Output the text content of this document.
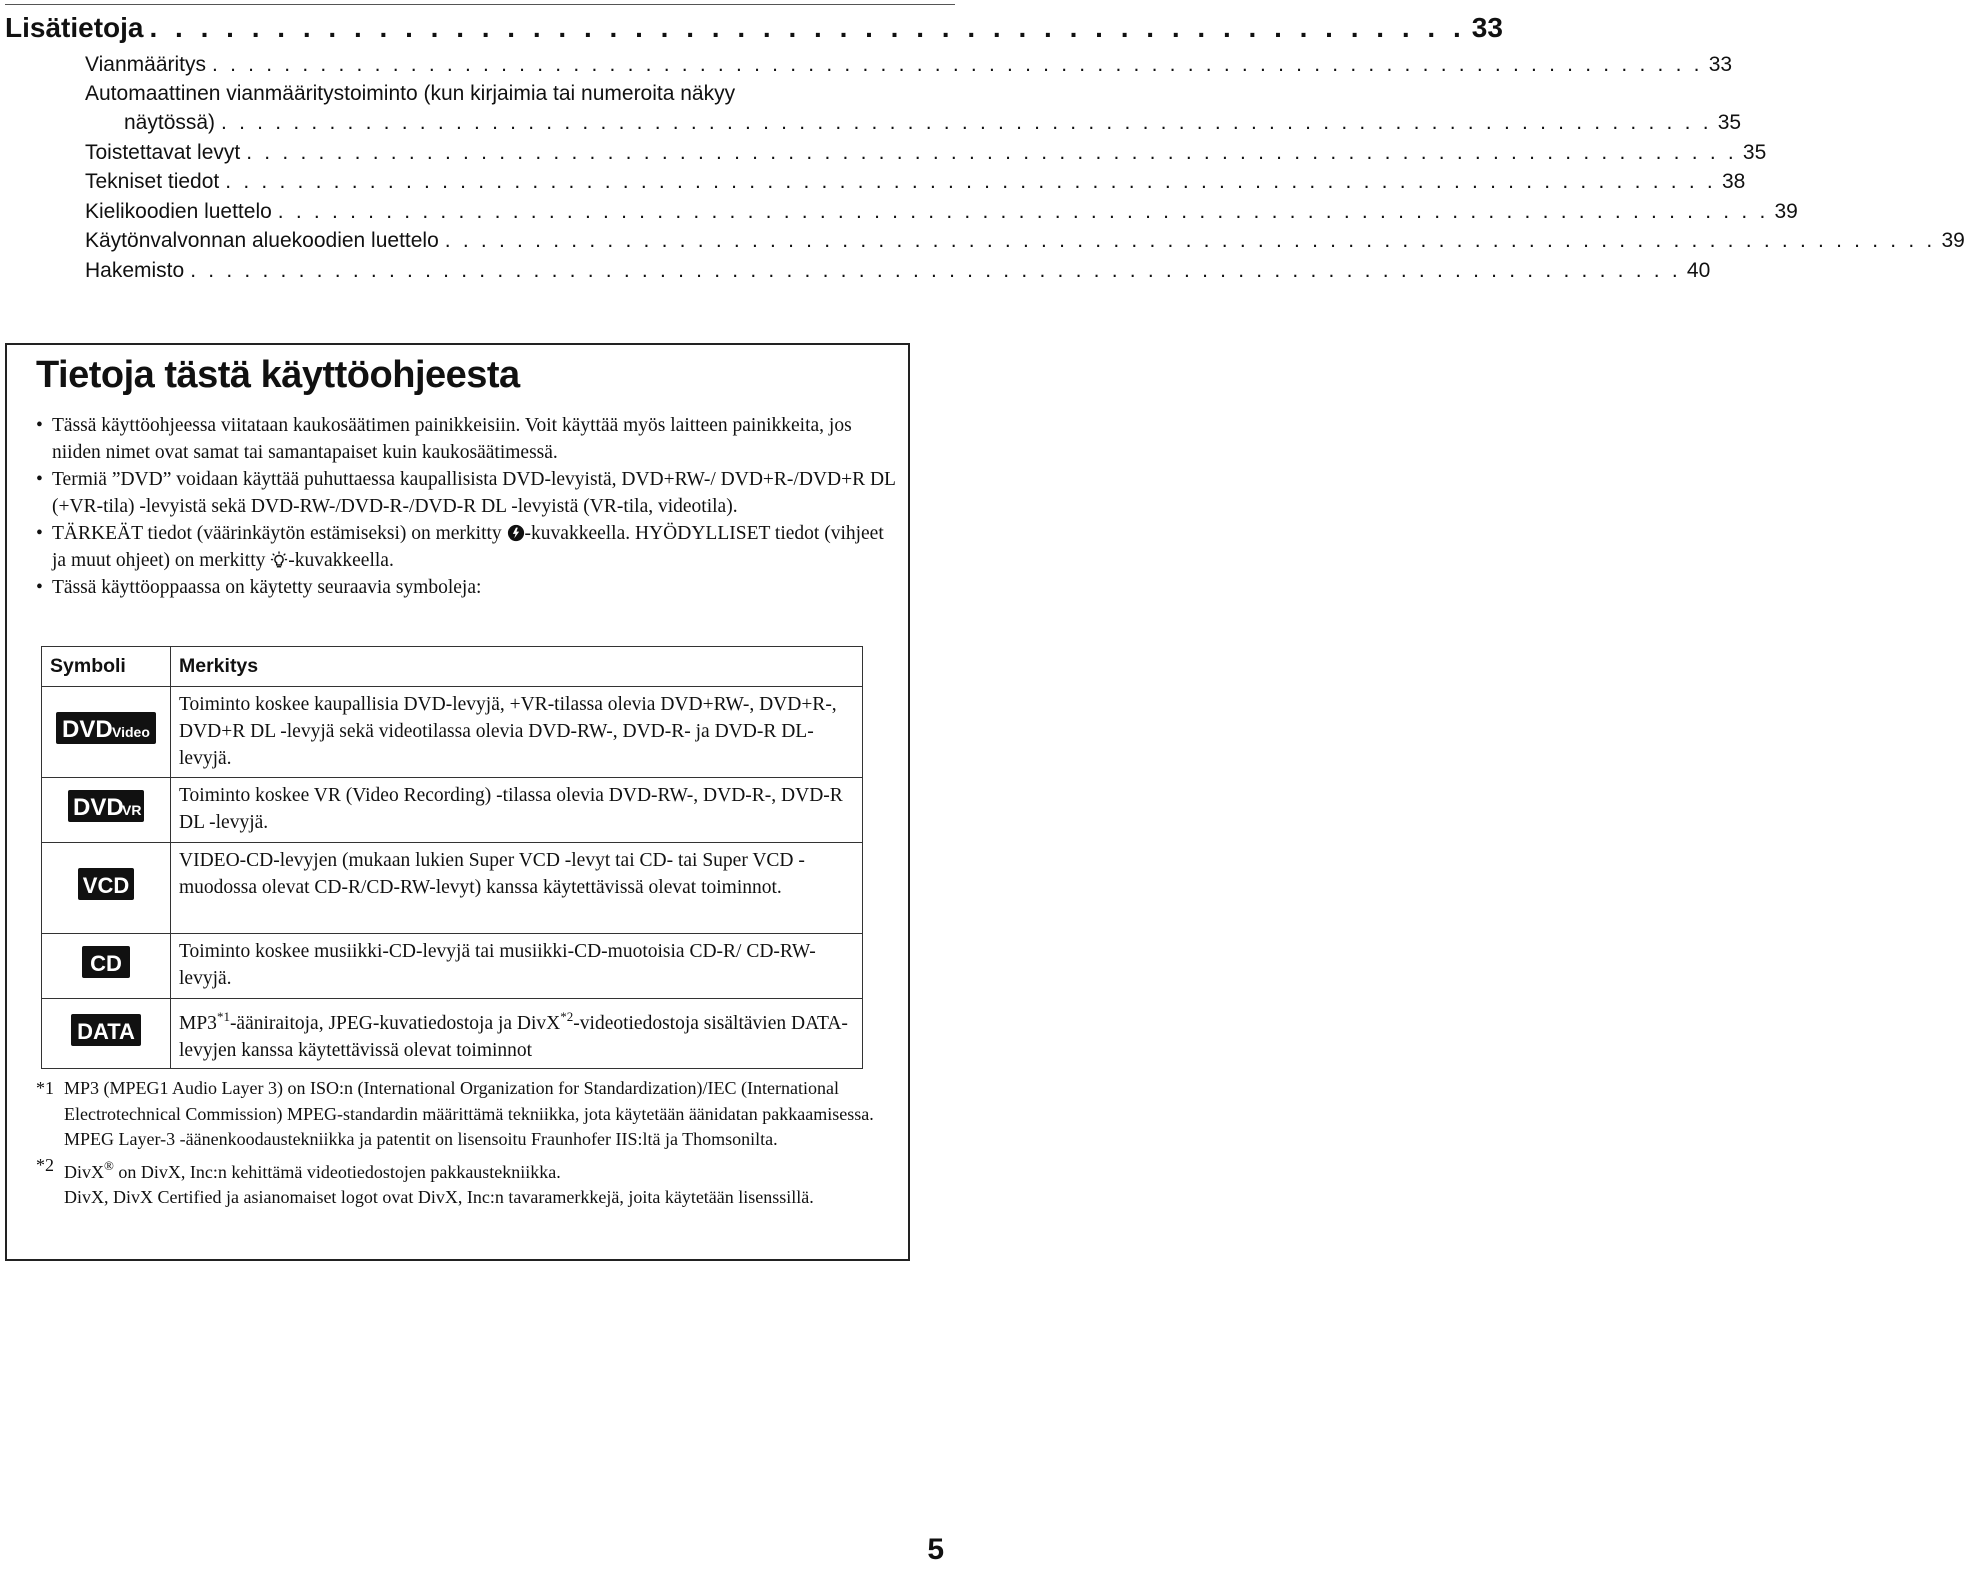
Lisätietoja . . . . . . . . . . . . . . . . . . . . . . . . . . . . . . . . . . . . . . . . . . . . . . . . . . . . 33
Vianmääritys . . . . . . . . . . . . . . . . . . . . . . . . . . . . . . . . . . . . . . . . . . . . . . . . . . . . . . . . . . . . . . . . . . . . . . . . . . . . . . . . . . . 33
Automaattinen vianmääritystoiminto (kun kirjaimia tai numeroita näkyy
näytössä) . . . . . . . . . . . . . . . . . . . . . . . . . . . . . . . . . . . . . . . . . . . . . . . . . . . . . . . . . . . . . . . . . . . . . . . . . . . . . . . . . . . 35
Toistettavat levyt . . . . . . . . . . . . . . . . . . . . . . . . . . . . . . . . . . . . . . . . . . . . . . . . . . . . . . . . . . . . . . . . . . . . . . . . . . . . . . . . . . . 35
Tekniset tiedot . . . . . . . . . . . . . . . . . . . . . . . . . . . . . . . . . . . . . . . . . . . . . . . . . . . . . . . . . . . . . . . . . . . . . . . . . . . . . . . . . . . 38
Kielikoodien luettelo . . . . . . . . . . . . . . . . . . . . . . . . . . . . . . . . . . . . . . . . . . . . . . . . . . . . . . . . . . . . . . . . . . . . . . . . . . . . . . . . . . . 39
Käytönvalvonnan aluekoodien luettelo . . . . . . . . . . . . . . . . . . . . . . . . . . . . . . . . . . . . . . . . . . . . . . . . . . . . . . . . . . . . . . . . . . . . . . . . . . . . . . . . . . . 39
Hakemisto . . . . . . . . . . . . . . . . . . . . . . . . . . . . . . . . . . . . . . . . . . . . . . . . . . . . . . . . . . . . . . . . . . . . . . . . . . . . . . . . . . . 40
Tietoja tästä käyttöohjeesta
• Tässä käyttöohjeessa viitataan kaukosäätimen painikkeisiin. Voit käyttää myös laitteen painikkeita, jos niiden nimet ovat samat tai samantapaiset kuin kaukosäätimessä.
• Termiä ”DVD” voidaan käyttää puhuttaessa kaupallisista DVD-levyistä, DVD+RW-/ DVD+R-/DVD+R DL (+VR-tila) -levyistä sekä DVD-RW-/DVD-R-/DVD-R DL -levyistä (VR-tila, videotila).
• TÄRKEÄT tiedot (väärinkäytön estämiseksi) on merkitty -kuvakkeella. HYÖDYLLISET tiedot (vihjeet ja muut ohjeet) on merkitty -kuvakkeella.
• Tässä käyttöoppaassa on käytetty seuraavia symboleja:
Symboli	Merkitys

DVD Video	Toiminto koskee kaupallisia DVD-levyjä, +VR-tilassa olevia DVD+RW-, DVD+R-, DVD+R DL -levyjä sekä videotilassa olevia DVD-RW-, DVD-R- ja DVD-R DL-levyjä.

DVD
VR	Toiminto koskee VR (Video Recording) -tilassa olevia DVD-RW-, DVD-R-, DVD-R DL -levyjä.

VCD	VIDEO-CD-levyjen (mukaan lukien Super VCD -levyt tai CD- tai Super VCD -muodossa olevat CD-R/CD-RW-levyt) kanssa käytettävissä olevat toiminnot.

CD	Toiminto koskee musiikki-CD-levyjä tai musiikki-CD-muotoisia CD-R/ CD-RW-levyjä.

DATA	MP3$^{*1}$-ääniraitoja, JPEG-kuvatiedostoja ja DivX$^{*2}$-videotiedostoja sisältävien DATA-levyjen kanssa käytettävissä olevat toiminnot
*1 MP3 (MPEG1 Audio Layer 3) on ISO:n (International Organization for Standardization)/IEC (International Electrotechnical Commission) MPEG-standardin määrittämä tekniikka, jota käytetään äänidatan pakkaamisessa.
MPEG Layer-3 -äänenkoodaustekniikka ja patentit on lisensoitu Fraunhofer IIS:ltä ja Thomsonilta.
*2 DivX® on DivX, Inc:n kehittämä videotiedostojen pakkaustekniikka.
DivX, DivX Certified ja asianomaiset logot ovat DivX, Inc:n tavaramerkkejä, joita käytetään lisenssillä.
5
